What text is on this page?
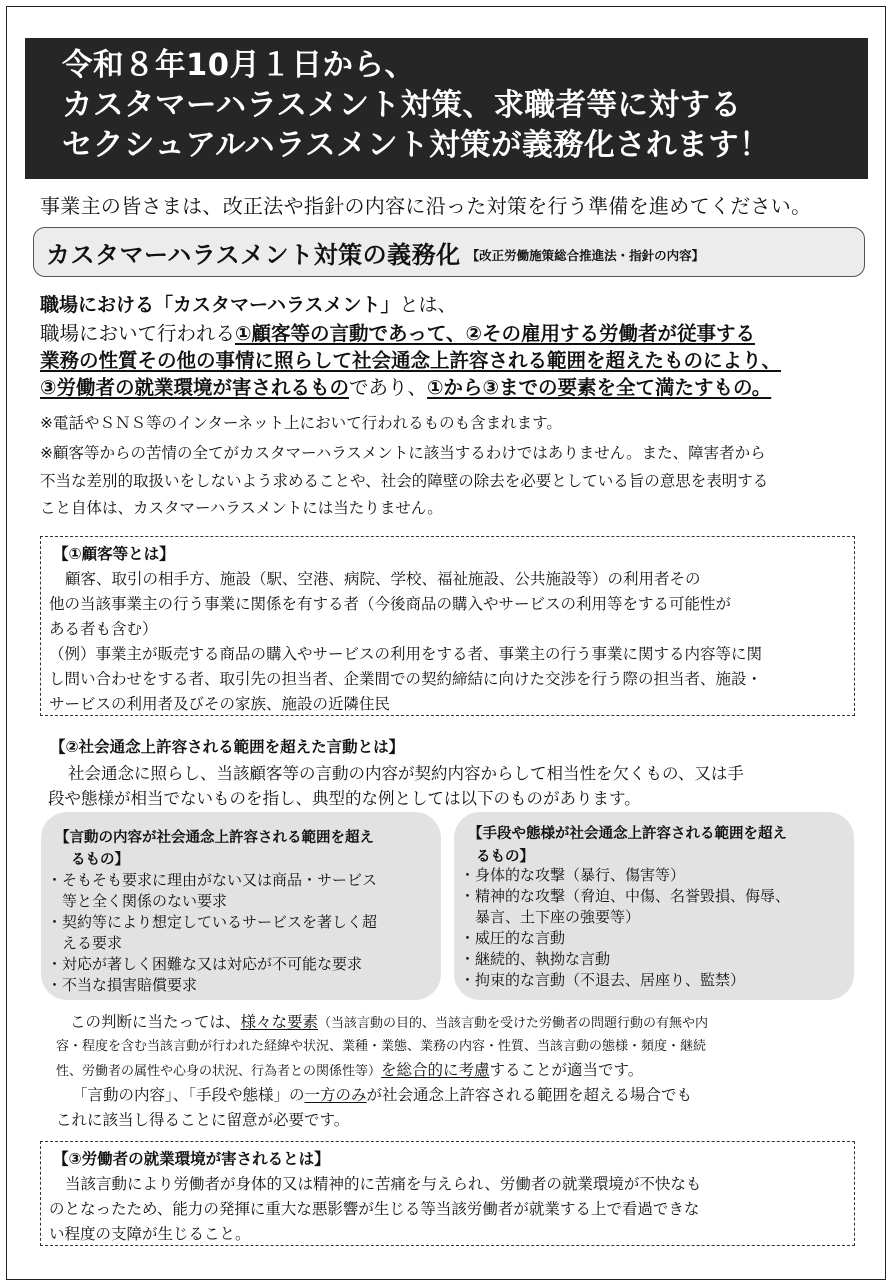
令和８年10月１日から、
カスタマーハラスメント対策、求職者等に対する
セクシュアルハラスメント対策が義務化されます！
事業主の皆さまは、改正法や指針の内容に沿った対策を行う準備を進めてください。
カスタマーハラスメント対策の義務化 【改正労働施策総合推進法・指針の内容】
職場における「カスタマーハラスメント」とは、
職場において行われる①顧客等の言動であって、②その雇用する労働者が従事する
業務の性質その他の事情に照らして社会通念上許容される範囲を超えたものにより、
③労働者の就業環境が害されるものであり、①から③までの要素を全て満たすもの。
※電話やＳＮＳ等のインターネット上において行われるものも含まれます。
※顧客等からの苦情の全てがカスタマーハラスメントに該当するわけではありません。また、障害者から
不当な差別的取扱いをしないよう求めることや、社会的障壁の除去を必要としている旨の意思を表明する
こと自体は、カスタマーハラスメントには当たりません。
【①顧客等とは】
顧客、取引の相手方、施設（駅、空港、病院、学校、福祉施設、公共施設等）の利用者その
他の当該事業主の行う事業に関係を有する者（今後商品の購入やサービスの利用等をする可能性が
ある者も含む）
（例）事業主が販売する商品の購入やサービスの利用をする者、事業主の行う事業に関する内容等に関
し問い合わせをする者、取引先の担当者、企業間での契約締結に向けた交渉を行う際の担当者、施設・
サービスの利用者及びその家族、施設の近隣住民
【②社会通念上許容される範囲を超えた言動とは】
社会通念に照らし、当該顧客等の言動の内容が契約内容からして相当性を欠くもの、又は手
段や態様が相当でないものを指し、典型的な例としては以下のものがあります。
【言動の内容が社会通念上許容される範囲を超え
るもの】
・そもそも要求に理由がない又は商品・サービス
　等と全く関係のない要求
・契約等により想定しているサービスを著しく超
　える要求
・対応が著しく困難な又は対応が不可能な要求
・不当な損害賠償要求
【手段や態様が社会通念上許容される範囲を超え
るもの】
・身体的な攻撃（暴行、傷害等）
・精神的な攻撃（脅迫、中傷、名誉毀損、侮辱、
　暴言、土下座の強要等）
・威圧的な言動
・継続的、執拗な言動
・拘束的な言動（不退去、居座り、監禁）
この判断に当たっては、様々な要素（当該言動の目的、当該言動を受けた労働者の問題行動の有無や内
容・程度を含む当該言動が行われた経緯や状況、業種・業態、業務の内容・性質、当該言動の態様・頻度・継続
性、労働者の属性や心身の状況、行為者との関係性等）を総合的に考慮することが適当です。
「言動の内容」、「手段や態様」の一方のみが社会通念上許容される範囲を超える場合でも
これに該当し得ることに留意が必要です。
【③労働者の就業環境が害されるとは】
当該言動により労働者が身体的又は精神的に苦痛を与えられ、労働者の就業環境が不快なも
のとなったため、能力の発揮に重大な悪影響が生じる等当該労働者が就業する上で看過できな
い程度の支障が生じること。
